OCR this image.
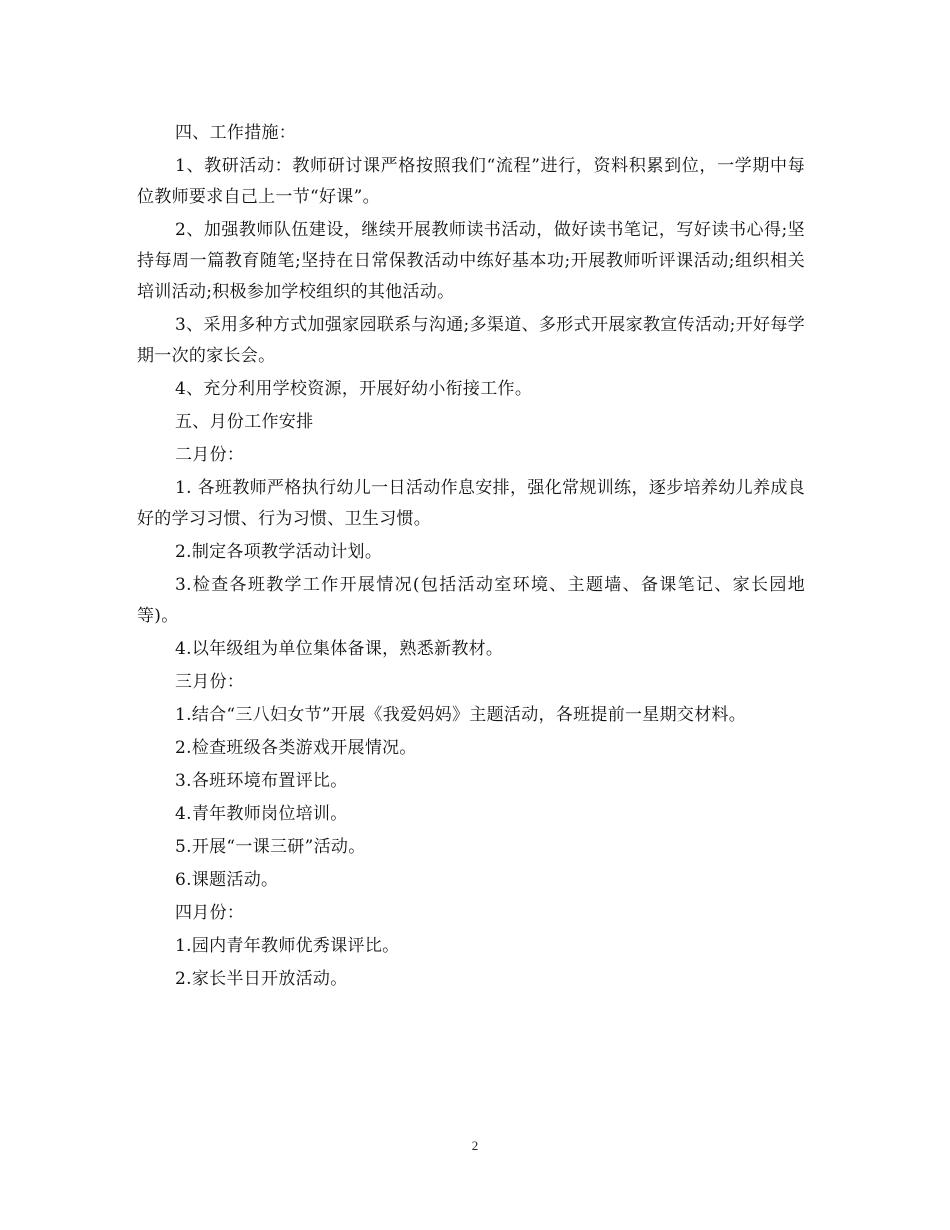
四、工作措施：

1、教研活动：教师研讨课严格按照我们“流程”进行，资料积累到位，一学期中每位教师要求自己上一节“好课”。

2、加强教师队伍建设，继续开展教师读书活动，做好读书笔记，写好读书心得;坚持每周一篇教育随笔;坚持在日常保教活动中练好基本功;开展教师听评课活动;组织相关培训活动;积极参加学校组织的其他活动。

3、采用多种方式加强家园联系与沟通;多渠道、多形式开展家教宣传活动;开好每学期一次的家长会。

4、充分利用学校资源，开展好幼小衔接工作。

五、月份工作安排

二月份：

1. 各班教师严格执行幼儿一日活动作息安排，强化常规训练，逐步培养幼儿养成良好的学习习惯、行为习惯、卫生习惯。

2.制定各项教学活动计划。

3.检查各班教学工作开展情况(包括活动室环境、主题墙、备课笔记、家长园地等)。

4.以年级组为单位集体备课，熟悉新教材。

三月份：

1.结合“三八妇女节”开展《我爱妈妈》主题活动，各班提前一星期交材料。

2.检查班级各类游戏开展情况。

3.各班环境布置评比。

4.青年教师岗位培训。

5.开展“一课三研”活动。

6.课题活动。

四月份：

1.园内青年教师优秀课评比。

2.家长半日开放活动。

2
